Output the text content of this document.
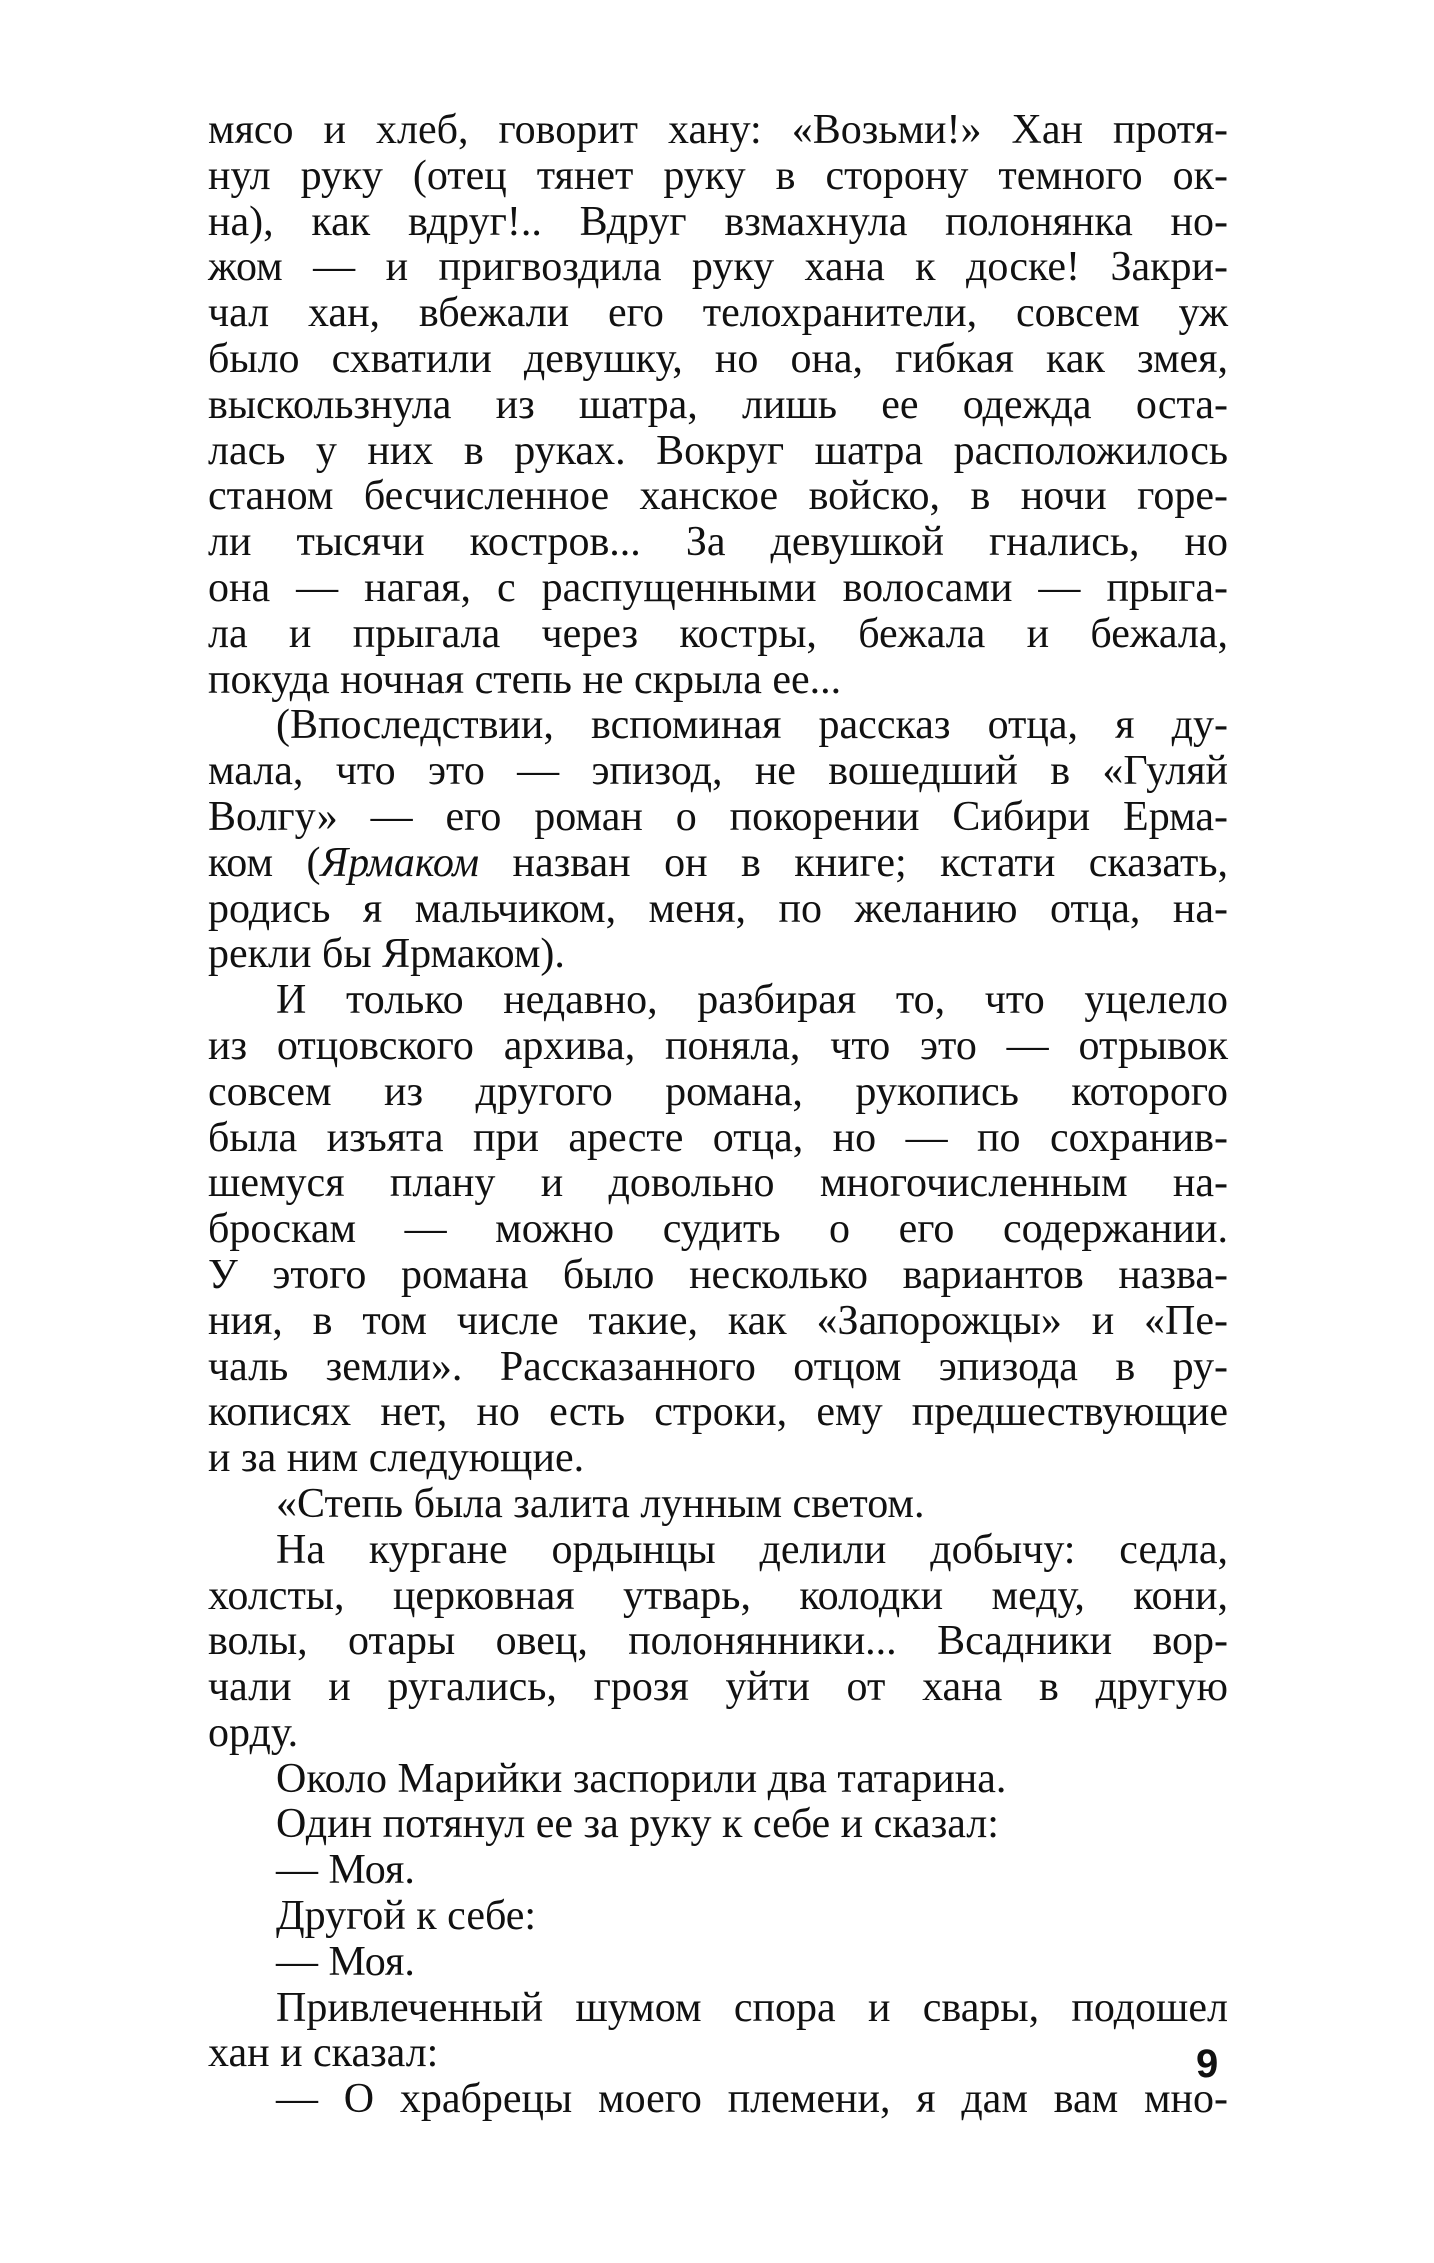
мясо и хлеб, говорит хану: «Возьми!» Хан протя-
нул руку (отец тянет руку в сторону темного ок-
на), как вдруг!.. Вдруг взмахнула полонянка но-
жом — и пригвоздила руку хана к доске! Закри-
чал хан, вбежали его телохранители, совсем уж
было схватили девушку, но она, гибкая как змея,
выскользнула из шатра, лишь ее одежда оста-
лась у них в руках. Вокруг шатра расположилось
станом бесчисленное ханское войско, в ночи горе-
ли тысячи костров... За девушкой гнались, но
она — нагая, с распущенными волосами — прыга-
ла и прыгала через костры, бежала и бежала,
покуда ночная степь не скрыла ее...
(Впоследствии, вспоминая рассказ отца, я ду-
мала, что это — эпизод, не вошедший в «Гуляй
Волгу» — его роман о покорении Сибири Ерма-
ком (Ярмаком назван он в книге; кстати сказать,
родись я мальчиком, меня, по желанию отца, на-
рекли бы Ярмаком).
И только недавно, разбирая то, что уцелело
из отцовского архива, поняла, что это — отрывок
совсем из другого романа, рукопись которого
была изъята при аресте отца, но — по сохранив-
шемуся плану и довольно многочисленным на-
броскам — можно судить о его содержании.
У этого романа было несколько вариантов назва-
ния, в том числе такие, как «Запорожцы» и «Пе-
чаль земли». Рассказанного отцом эпизода в ру-
кописях нет, но есть строки, ему предшествующие
и за ним следующие.
«Степь была залита лунным светом.
На кургане ордынцы делили добычу: седла,
холсты, церковная утварь, колодки меду, кони,
волы, отары овец, полонянники... Всадники вор-
чали и ругались, грозя уйти от хана в другую
орду.
Около Марийки заспорили два татарина.
Один потянул ее за руку к себе и сказал:
— Моя.
Другой к себе:
— Моя.
Привлеченный шумом спора и свары, подошел
хан и сказал:
— О храбрецы моего племени, я дам вам мно-
9
